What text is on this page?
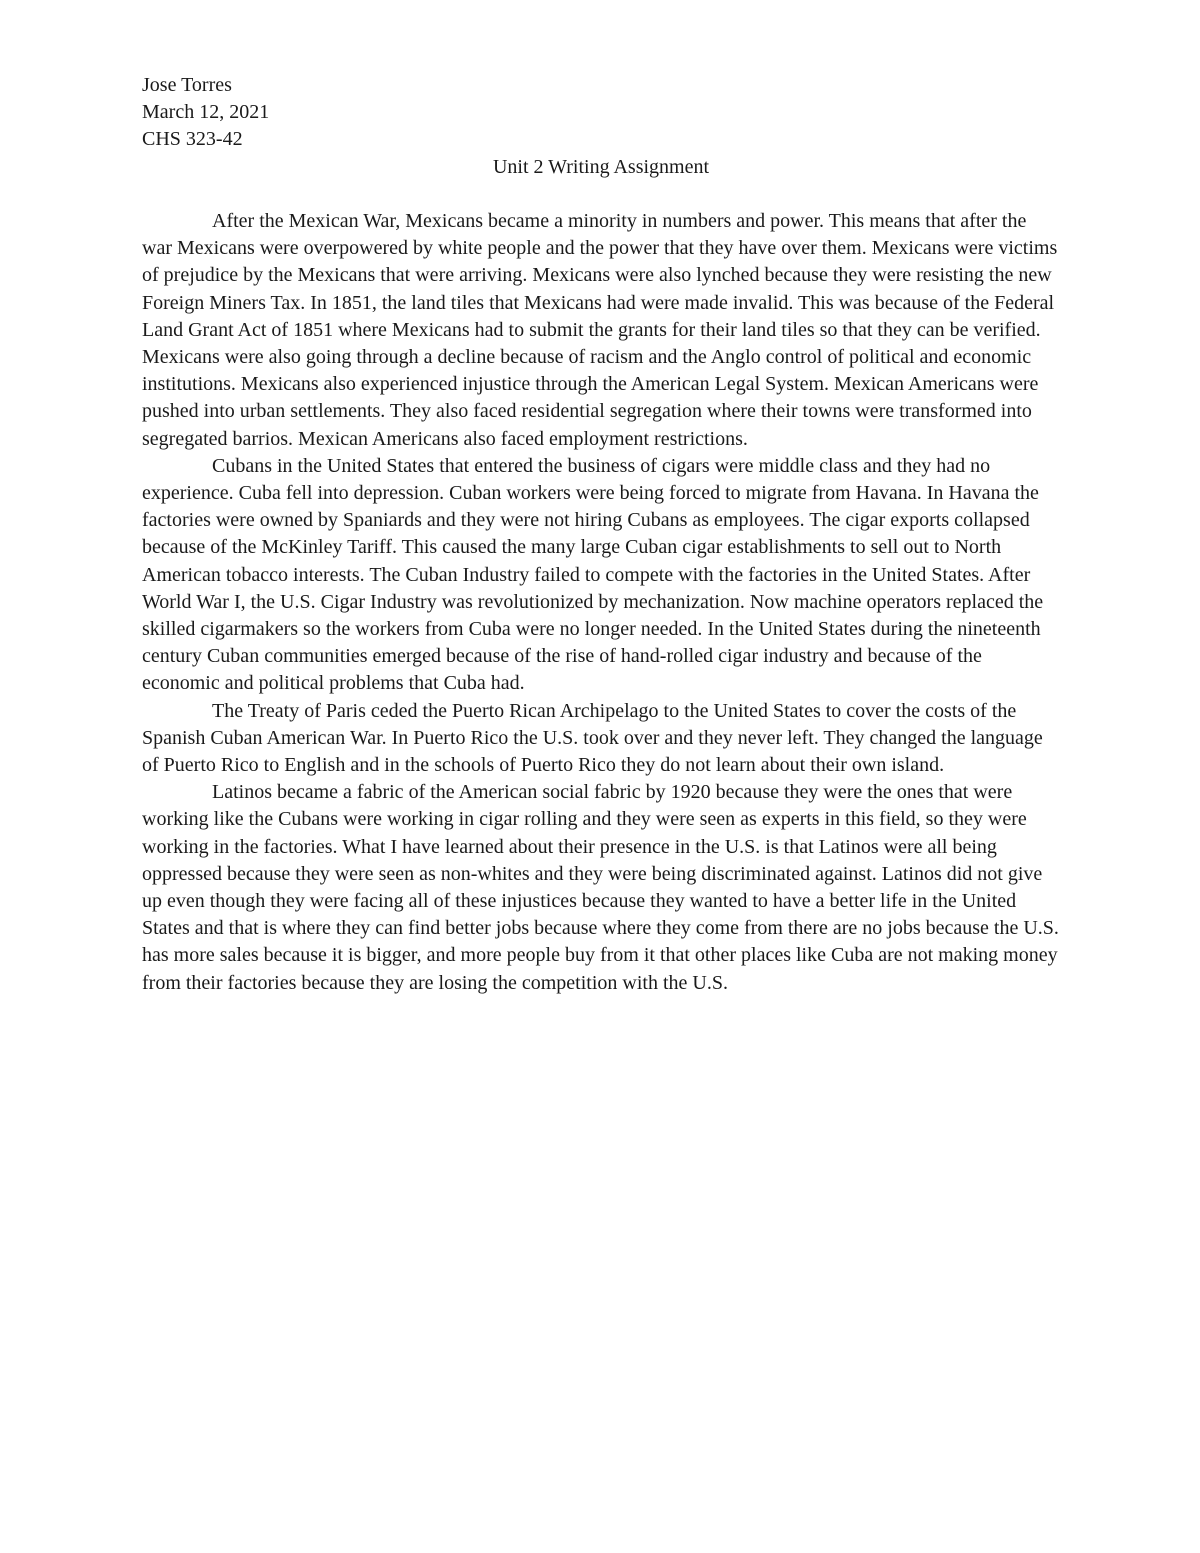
Jose Torres
March 12, 2021
CHS 323-42

Unit 2 Writing Assignment

After the Mexican War, Mexicans became a minority in numbers and power. This means that after the war Mexicans were overpowered by white people and the power that they have over them. Mexicans were victims of prejudice by the Mexicans that were arriving. Mexicans were also lynched because they were resisting the new Foreign Miners Tax. In 1851, the land tiles that Mexicans had were made invalid. This was because of the Federal Land Grant Act of 1851 where Mexicans had to submit the grants for their land tiles so that they can be verified. Mexicans were also going through a decline because of racism and the Anglo control of political and economic institutions. Mexicans also experienced injustice through the American Legal System. Mexican Americans were pushed into urban settlements. They also faced residential segregation where their towns were transformed into segregated barrios. Mexican Americans also faced employment restrictions.

Cubans in the United States that entered the business of cigars were middle class and they had no experience. Cuba fell into depression. Cuban workers were being forced to migrate from Havana. In Havana the factories were owned by Spaniards and they were not hiring Cubans as employees. The cigar exports collapsed because of the McKinley Tariff. This caused the many large Cuban cigar establishments to sell out to North American tobacco interests. The Cuban Industry failed to compete with the factories in the United States. After World War I, the U.S. Cigar Industry was revolutionized by mechanization. Now machine operators replaced the skilled cigarmakers so the workers from Cuba were no longer needed. In the United States during the nineteenth century Cuban communities emerged because of the rise of hand-rolled cigar industry and because of the economic and political problems that Cuba had.

The Treaty of Paris ceded the Puerto Rican Archipelago to the United States to cover the costs of the Spanish Cuban American War. In Puerto Rico the U.S. took over and they never left. They changed the language of Puerto Rico to English and in the schools of Puerto Rico they do not learn about their own island.

Latinos became a fabric of the American social fabric by 1920 because they were the ones that were working like the Cubans were working in cigar rolling and they were seen as experts in this field, so they were working in the factories. What I have learned about their presence in the U.S. is that Latinos were all being oppressed because they were seen as non-whites and they were being discriminated against. Latinos did not give up even though they were facing all of these injustices because they wanted to have a better life in the United States and that is where they can find better jobs because where they come from there are no jobs because the U.S. has more sales because it is bigger, and more people buy from it that other places like Cuba are not making money from their factories because they are losing the competition with the U.S.
